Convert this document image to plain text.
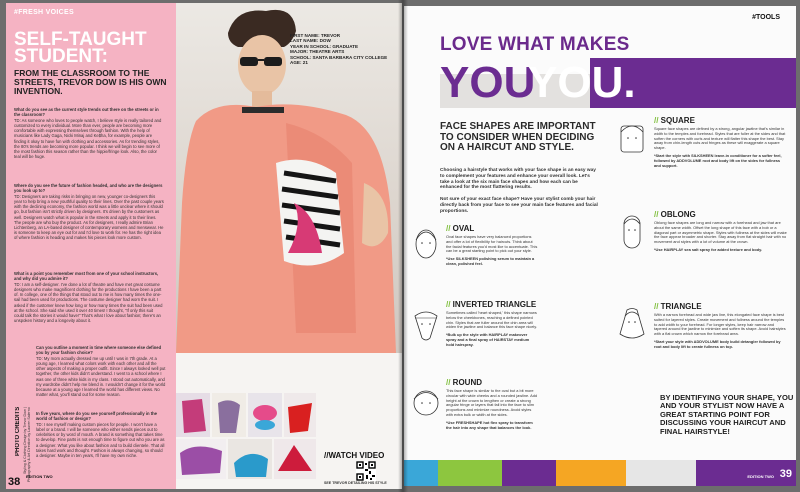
#FRESH VOICES
SELF-TAUGHT STUDENT:
FROM THE CLASSROOM TO THE STREETS, TREVOR DOW IS HIS OWN INVENTION.
What do you see as the current style trends out there on the streets or in the classroom?
TD: As someone who loves to people watch, I believe style is really tailored and customized to every individual. More than ever, people are becoming more comfortable with expressing themselves through fashion. With the help of musicians like Lady Gaga, Nicki Minaj and Ke$ha, for example, people are finding it okay to have fun with clothing and accessories. As for trending styles, the 80's trends are becoming more popular. I think we will begin to see more of the most fashion this season rather than the hippie/fringe look. Also, the color teal will be huge.
Where do you see the future of fashion headed, and who are the designers you look up to?
TD: Designers are taking risks in bringing on new, younger co-designers this year to help bring a new youthful quality to their lines. Over the past couple years with the declining economy, the fashion world was a little unclear where it should go, but fashion isn't strictly driven by designers. It's driven by the customers as well. Designers watch what is popular in the streets and apply it to their lines. The people are who buy the product. As for designers, I really admire Brian Lichtenberg, an LA-based designer of contemporary womens and menswear. He is someone to keep an eye out for and I'd love to work for. He has the right idea of where fashion is heading and makes his pieces look more custom.
What is a point you remember most from one of your school instructors, and why did you admire it?
TD: I am a self-designer. I've done a lot of theatre and have met great costume designers who make magnificent clothing for the productions I have been a part of. In college, one of the things that stood out to me is how many times the one-sail had been used for productions. The costume designer had worn the suit. I asked if the customer knew how long or how many times the suit had been used at the school. She said she used it over 40 times! I thought, "If only this suit could talk the stories it would have!" That's what I love about fashion; there's an unspoken history and a longevity about it.
Can you outline a moment in time where someone else defined you by your fashion choice?
TD: My mom actually dressed me up until I was in 7th grade. At a young age, I learned what colors work with each other and all the other aspects of making a proper outfit. Since I always looked well put together, the other kids didn't understand. I went to a school where I was one of three white kids in my class. I stood out automatically, and my wardrobe didn't help me blend in. I wouldn't change it for the world because at a young age I learned the world has different views. No matter what, you'll stand out for some reason.
In five years, where do you see yourself professionally in the world of fashion or design?
TD: I see myself making custom pieces for people. I won't have a label or a brand. I will be someone who either sends pieces out to celebrities or by word of mouth. A brand is something that takes time to develop. Fine parts is not enough time to figure out who you are as a designer. What you like about fashion and to build clientele. That all takes hard work and thought. Fashion is always changing, so should a designer. Maybe in ten years, I'll have my own niche.
PHOTO CREDITS Styling & Clothing Design by Trevor Dow | Photography & Art Direction by Lauren Salerno
FIRST NAME: TREVOR
LAST NAME: DOW
YEAR IN SCHOOL: GRADUATE
MAJOR: THEATRE ARTS
SCHOOL: SANTA BARBARA CITY COLLEGE
AGE: 21
//WATCH VIDEO
SEE TREVOR DETAILING HIS STYLE
38 EDITION TWO
#TOOLS
LOVE WHAT MAKES
YOU
YOU.
FACE SHAPES ARE IMPORTANT TO CONSIDER WHEN DECIDING ON A HAIRCUT AND STYLE.
Choosing a hairstyle that works with your face shape is an easy way to complement your features and enhance your overall look. Let's take a look at the six main face shapes and how each can be enhanced for the most flattering results.
Not sure of your exact face shape? Have your stylist comb your hair directly back from your face to see your main face features and facial proportions.
// OVAL
Oval face shapes have very balanced proportions and offer a lot of flexibility for haircuts. Think about the facial features you'd most like to accentuate. This can be a great starting point to pick out your style.
*Use SILKSHEEN polishing serum to maintain a clean, polished feel.
// INVERTED TRIANGLE
Sometimes called 'heart shaped,' this shape narrows below the cheekbones, reaching a defined pointed chin. Styles that are fuller around the chin area will widen the jawline and balance this face shape nicely.
*Bulk up the style with HAIRPLAY makeover spray and a final spray of HAIRSTAY medium hold hairspray.
// ROUND
This face shape is similar to the oval but a bit more circular with wide cheeks and a rounded jawline. Add height at the crown to lengthen or create a strong angular fringe or layers that fall into the face to slim proportions and minimize roundness. Avoid styles with extra bulk or width at the sides.
*Use FRESHSHAPE hot flex spray to transform the hair into any shape that balances the look.
// SQUARE
Square face shapes are defined by a strong, angular jawline that's similar in width to the temples and forehead. Styles that are fuller at the sides and that soften the corners with curls and texture will flatter this shape the best. Stay away from chin-length cuts and fringes as these will exaggerate a square shape.
*Start the style with SILKSHEEN leave-in conditioner for a softer feel, followed by ADDVOLUME root and body lift on the sides for fullness and support.
// OBLONG
Oblong face shapes are long and narrow with a forehead and jaw that are about the same width. Offset the long shape of this face with a bob or a diagonal part or asymmetric shape. Styles with fullness at the sides will make the face appear broader and shorter. Stay away from flat straight hair with no movement and styles with a lot of volume at the crown.
*Use HAIRPLAY sea salt spray for added texture and body.
// TRIANGLE
With a narrow forehead and wide jaw line, this elongated face shape is best suited for layered styles. Create movement and fullness around the temples to add width to your forehead. For longer styles, keep hair narrow and tapered around the jawline to minimize and soften its shape. Avoid hairstyles with a flat crown which narrow the forehead area.
*Start your style with ADDVOLUME body build detangler followed by root and body lift to create fullness on top.
BY IDENTIFYING YOUR SHAPE, YOU AND YOUR STYLIST NOW HAVE A GREAT STARTING POINT FOR DISCUSSING YOUR HAIRCUT AND FINAL HAIRSTYLE!
EDITION TWO 39
